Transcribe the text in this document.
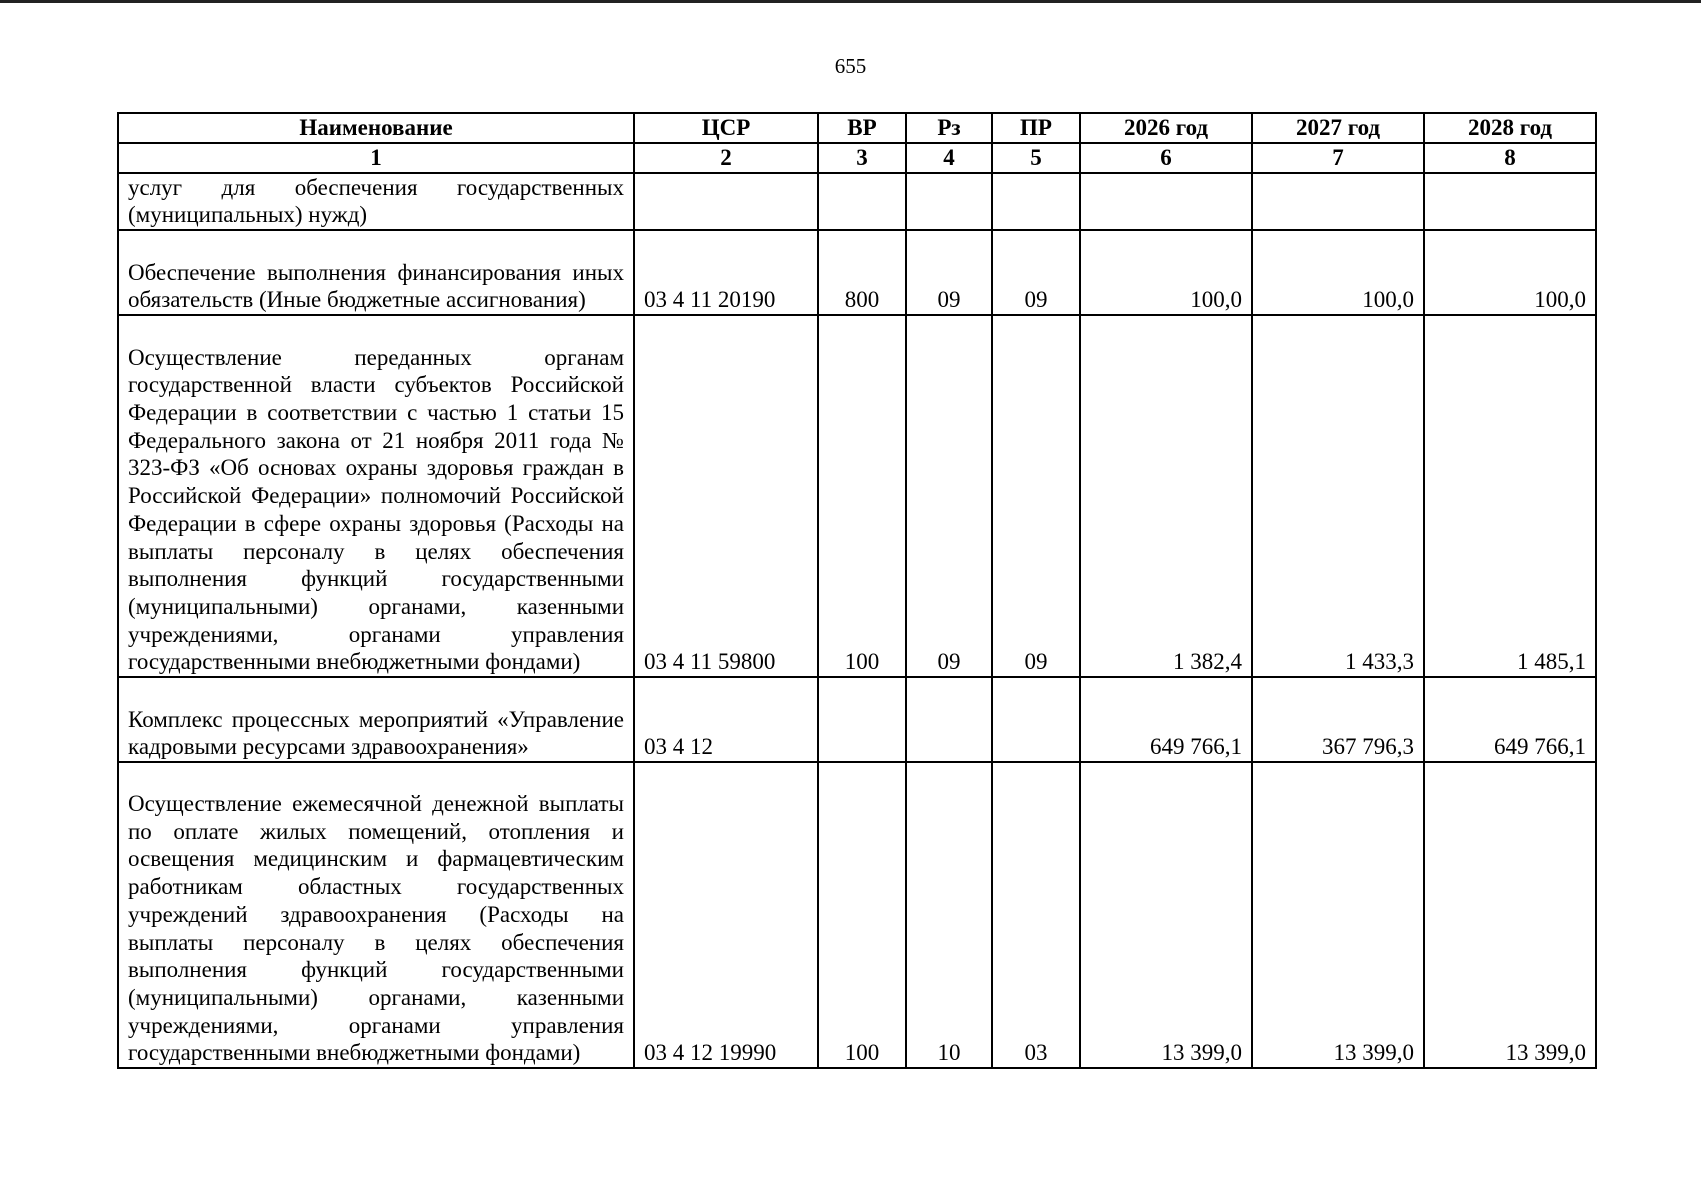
655
Наименование	ЦСР	ВР	Рз	ПР	2026 год	2027 год	2028 год
1	2	3	4	5	6	7	8
услуг для обеспечения государственных (муниципальных) нужд)							
Обеспечение выполнения финансирования иных обязательств (Иные бюджетные ассигнования)	03 4 11 20190	800	09	09	100,0	100,0	100,0
Осуществление переданных органам государственной власти субъектов Российской Федерации в соответствии с частью 1 статьи 15 Федерального закона от 21 ноября 2011 года № 323-ФЗ «Об основах охраны здоровья граждан в Российской Федерации» полномочий Российской Федерации в сфере охраны здоровья (Расходы на выплаты персоналу в целях обеспечения выполнения функций государственными (муниципальными) органами, казенными учреждениями, органами управления государственными внебюджетными фондами)	03 4 11 59800	100	09	09	1 382,4	1 433,3	1 485,1
Комплекс процессных мероприятий «Управление кадровыми ресурсами здравоохранения»	03 4 12				649 766,1	367 796,3	649 766,1
Осуществление ежемесячной денежной выплаты по оплате жилых помещений, отопления и освещения медицинским и фармацевтическим работникам областных государственных учреждений здравоохранения (Расходы на выплаты персоналу в целях обеспечения выполнения функций государственными (муниципальными) органами, казенными учреждениями, органами управления государственными внебюджетными фондами)	03 4 12 19990	100	10	03	13 399,0	13 399,0	13 399,0
